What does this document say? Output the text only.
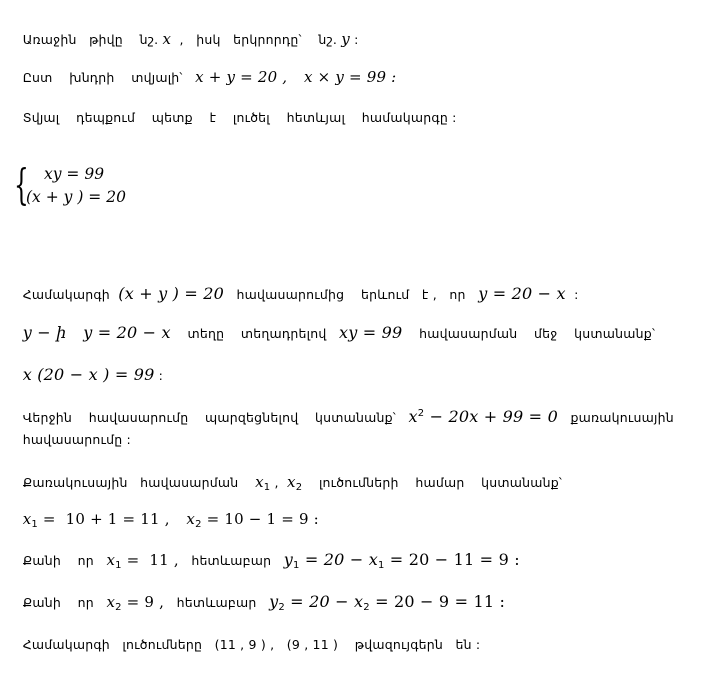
Առաջին   թիվը    նշ. x  ,   իսկ   երկրորդը՝    նշ. y :

Ըստ    խնդրի    տվյալի՝   x + y = 20 , x × y = 99 :

Տվյալ    դեպքում    պետք    է    լուծել    հետևյալ    համակարգը :

{ xy = 99
(x + y ) = 20

Համակարգի  (x + y ) = 20   հավասարումից    երևում   է ,   որ   y = 20 − x  :

y − ի y = 20 − x    տեղը    տեղադրելով   xy = 99    հավասարման    մեջ    կստանանք՝

x (20 − x ) = 99 :

Վերջին    հավասարումը    պարզեցնելով    կստանանք՝   $x^2 - 20x + 99 = 0$   քառակուսային

հավասարումը :

Քառակուսային   հավասարման    $x_1$ ,  $x_2$    լուծումների    համար    կստանանք՝

$x_1 = 10 + 1 = 11$ , $x_2 = 10 - 1 = 9$ :

Քանի    որ   $x_1 = 11$ ,   հետևաբար   $y_1 = 20 - x_1 = 20 - 11 = 9$ :

Քանի    որ   $x_2 = 9$ ,   հետևաբար   $y_2 = 20 - x_2 = 20 - 9 = 11$ :

Համակարգի   լուծումները   (11 , 9 ) ,   (9 , 11 )    թվազույգերն   են :
